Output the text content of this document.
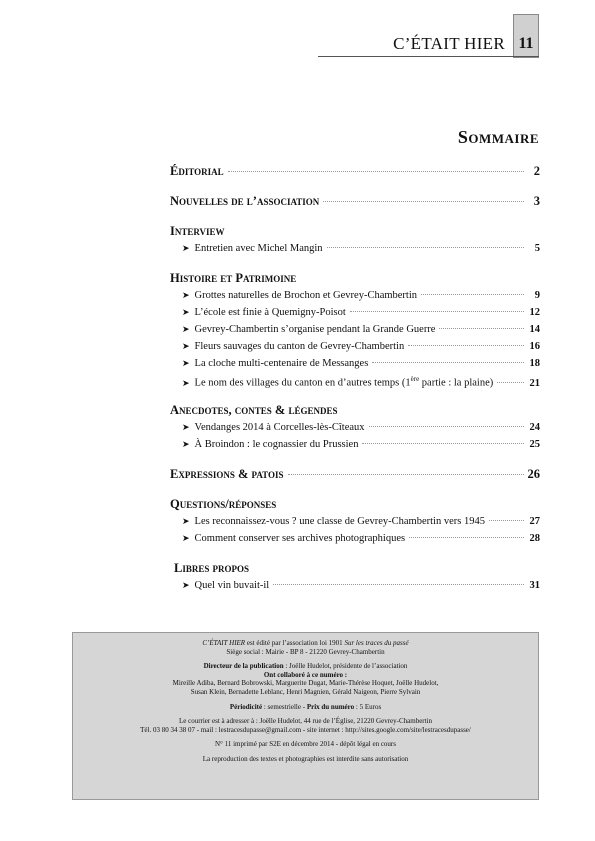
C’ÉTAIT HIER 11
Sommaire
Éditorial	2
Nouvelles de l’association	3
Interview
➤ Entretien avec Michel Mangin	5
Histoire et Patrimoine
➤ Grottes naturelles de Brochon et Gevrey-Chambertin	9
➤ L’école est finie à Quemigny-Poisot	12
➤ Gevrey-Chambertin s’organise pendant la Grande Guerre	14
➤ Fleurs sauvages du canton de Gevrey-Chambertin	16
➤ La cloche multi-centenaire de Messanges	18
➤ Le nom des villages du canton en d’autres temps (1ère partie : la plaine)	21
Anecdotes, contes & légendes
➤ Vendanges 2014 à Corcelles-lès-Cîteaux	24
➤ À Broindon : le cognassier du Prussien	25
Expressions & patois	26
Questions/réponses
➤ Les reconnaissez-vous ? une classe de Gevrey-Chambertin vers 1945	27
➤ Comment conserver ses archives photographiques	28
Libres propos
➤ Quel vin buvait-il	31

C’ÉTAIT HIER est édité par l’association loi 1901 Sur les traces du passé

Siège social : Mairie - BP 8 - 21220 Gevrey-Chambertin

Directeur de la publication : Joëlle Hudelot, présidente de l’association

Ont collaboré à ce numéro :

Mireille Adiba, Bernard Bobrowski, Marguerite Dugat, Marie-Thérèse Hoquet, Joëlle Hudelot,

Susan Klein, Bernadette Leblanc, Henri Magnien, Gérald Naigeon, Pierre Sylvain

Périodicité : semestrielle - Prix du numéro : 5 Euros

Le courrier est à adresser à : Joëlle Hudelot, 44 rue de l’Église, 21220 Gevrey-Chambertin

Tél. 03 80 34 38 07 - mail : lestracesdupasse@gmail.com - site internet : http://sites.google.com/site/lestracesdupasse/

N° 11 imprimé par S2E en décembre 2014 - dépôt légal en cours

La reproduction des textes et photographies est interdite sans autorisation
